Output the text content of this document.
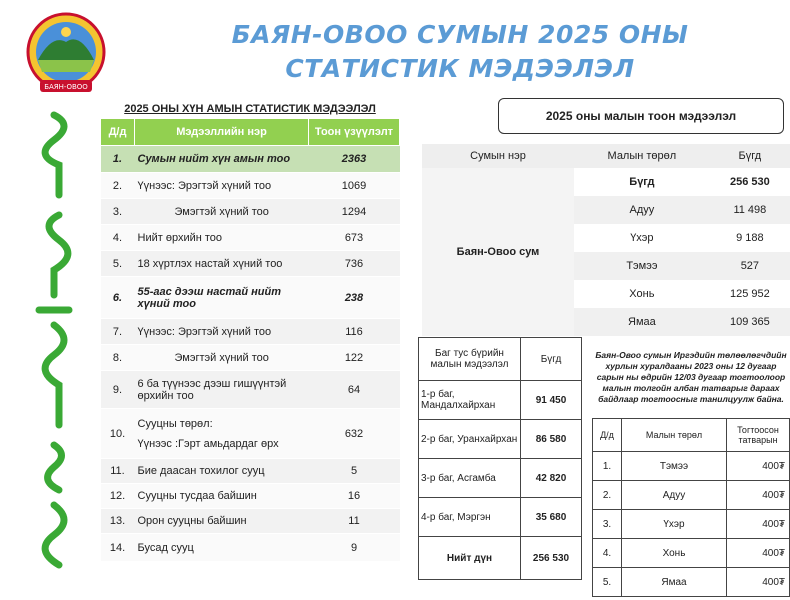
БАЯН-ОВОО
БАЯН-ОВОО СУМЫН 2025 ОНЫ СТАТИСТИК МЭДЭЭЛЭЛ
2025 ОНЫ ХҮН АМЫН СТАТИСТИК МЭДЭЭЛЭЛ
Д/д	Мэдээллийн нэр	Тоон үзүүлэлт
1.	Сумын нийт хүн амын тоо	2363
2.	Үүнээс: Эрэгтэй хүний тоо	1069
3.	Эмэгтэй хүний тоо	1294
4.	Нийт өрхийн тоо	673
5.	18 хүртлэх настай хүний тоо	736
6.	55-аас дээш настай нийт хүний тоо	238
7.	Үүнээс: Эрэгтэй хүний тоо	116
8.	Эмэгтэй хүний тоо	122
9.	6 ба түүнээс дээш гишүүнтэй өрхийн тоо	64
10.	Сууцны төрөл:
Үүнээс :Гэрт амьдардаг өрх	632
11.	Бие даасан тохилог сууц	5
12.	Сууцны тусдаа байшин	16
13.	Орон сууцны байшин	11
14.	Бусад сууц	9
2025 оны малын тоон мэдээлэл
Сумын нэр	Малын төрөл	Бүгд
Баян-Овоо сум	Бүгд	256 530
	Адуу	11 498
	Үхэр	9 188
	Тэмээ	527
	Хонь	125 952
	Ямаа	109 365
Баг тус бүрийн малын мэдээлэл	Бүгд
1-р баг, Мандалхайрхан	91 450
2-р баг, Уранхайрхан	86 580
3-р баг, Асгамба	42 820
4-р баг, Мэргэн	35 680
Нийт дүн	256 530
Баян-Овоо сумын Иргэдийн төлөөлөгчдийн хурлын хуралдааны 2023 оны 12 дугаар сарын ны өдрийн 12/03 дугаар тогтоолоор малын толгойн албан татварыг дараах байдлаар тогтоосныг танилцуулж байна.
Д/д	Малын төрөл	Тогтоосон татварын
1.	Тэмээ	400₮
2.	Адуу	400₮
3.	Үхэр	400₮
4.	Хонь	400₮
5.	Ямаа	400₮
